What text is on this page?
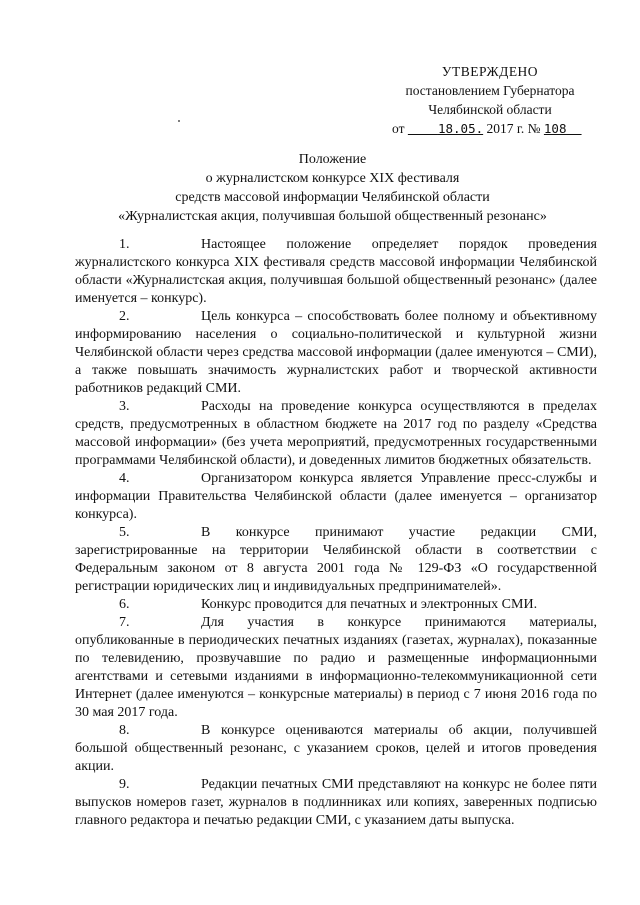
УТВЕРЖДЕНО
постановлением Губернатора
Челябинской области
от	18.05. 2017 г. № 108
Положение
о журналистском конкурсе XIX фестиваля
средств массовой информации Челябинской области
«Журналистская акция, получившая большой общественный резонанс»

1.	Настоящее положение определяет порядок проведения журналистского конкурса XIX фестиваля средств массовой информации Челябинской области «Журналистская акция, получившая большой общественный резонанс» (далее именуется – конкурс).

2.	Цель конкурса – способствовать более полному и объективному информированию населения о социально-политической и культурной жизни Челябинской области через средства массовой информации (далее именуются – СМИ), а также повышать значимость журналистских работ и творческой активности работников редакций СМИ.

3.	Расходы на проведение конкурса осуществляются в пределах средств, предусмотренных в областном бюджете на 2017 год по разделу «Средства массовой информации» (без учета мероприятий, предусмотренных государственными программами Челябинской области), и доведенных лимитов бюджетных обязательств.

4.	Организатором конкурса является Управление пресс-службы и информации Правительства Челябинской области (далее именуется – организатор конкурса).

5.	В конкурсе принимают участие редакции СМИ, зарегистрированные на территории Челябинской области в соответствии с Федеральным законом от 8 августа 2001 года № 129-ФЗ «О государственной регистрации юридических лиц и индивидуальных предпринимателей».

6.	Конкурс проводится для печатных и электронных СМИ.

7.	Для участия в конкурсе принимаются материалы, опубликованные в периодических печатных изданиях (газетах, журналах), показанные по телевидению, прозвучавшие по радио и размещенные информационными агентствами и сетевыми изданиями в информационно-телекоммуникационной сети Интернет (далее именуются – конкурсные материалы) в период с 7 июня 2016 года по 30 мая 2017 года.

8.	В конкурсе оцениваются материалы об акции, получившей большой общественный резонанс, с указанием сроков, целей и итогов проведения акции.

9.	Редакции печатных СМИ представляют на конкурс не более пяти выпусков номеров газет, журналов в подлинниках или копиях, заверенных подписью главного редактора и печатью редакции СМИ, с указанием даты выпуска.
